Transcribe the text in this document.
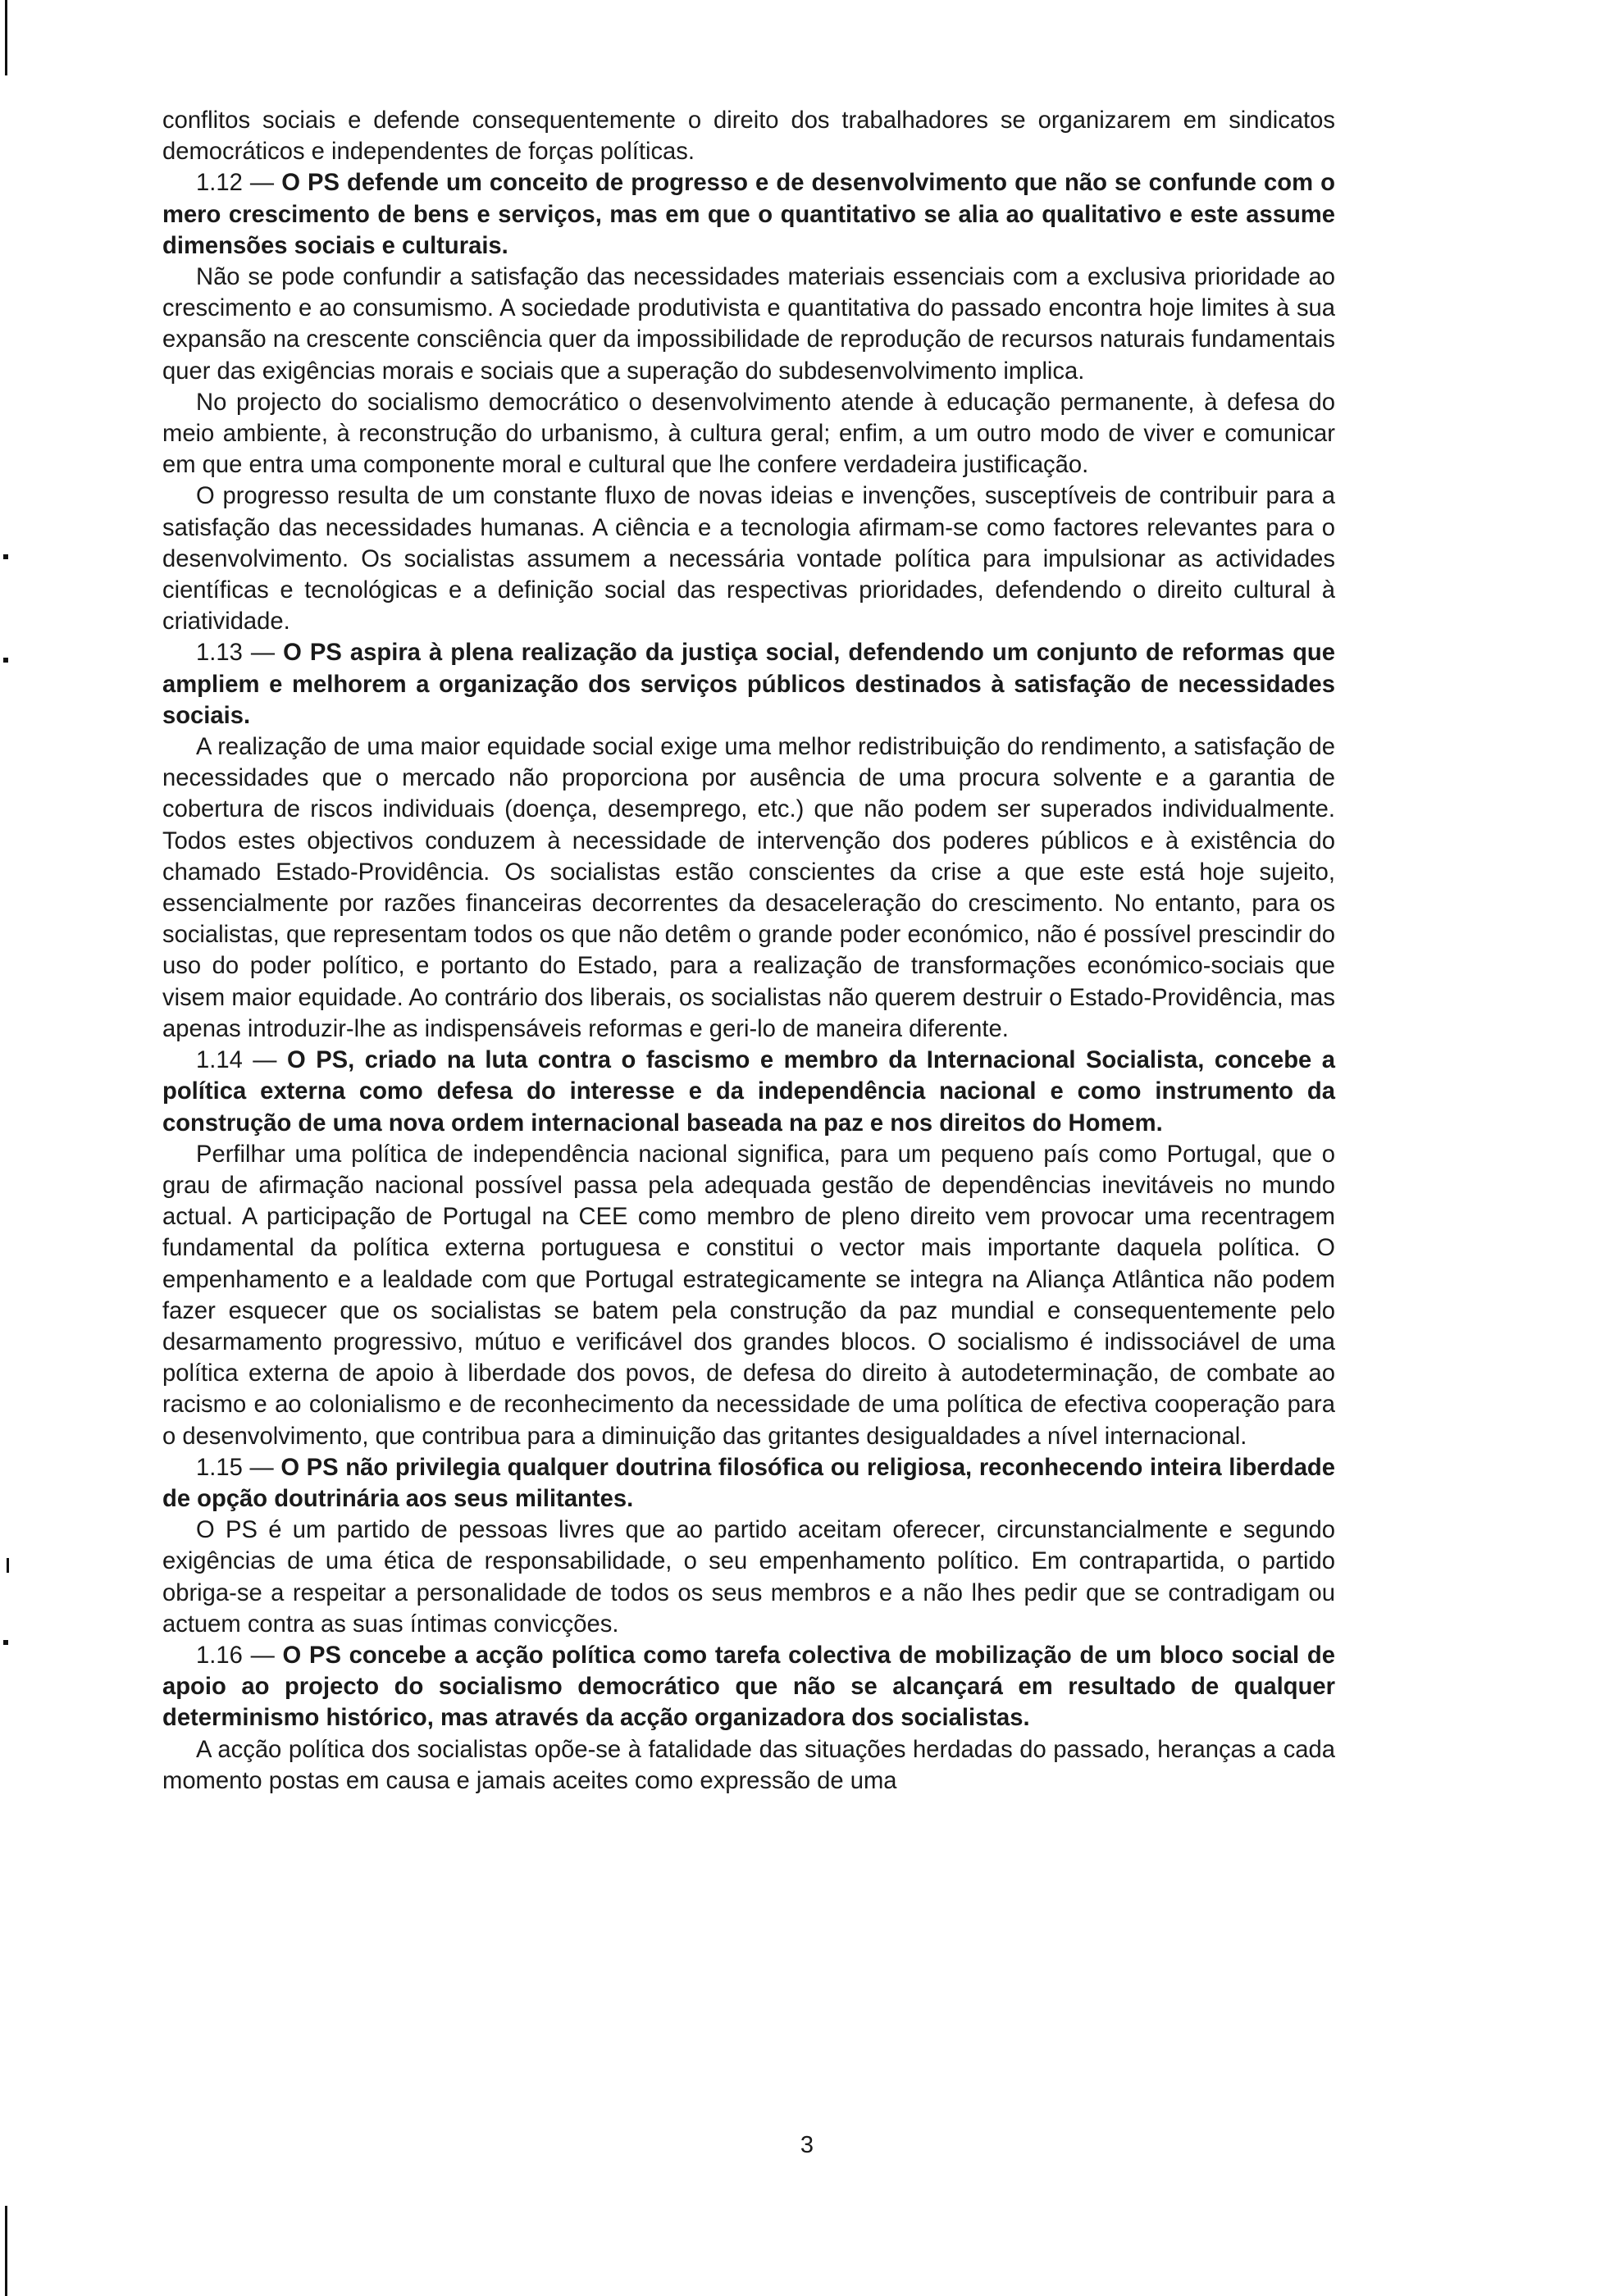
conflitos sociais e defende consequentemente o direito dos trabalhadores se organizarem em sindicatos democráticos e independentes de forças políticas.

1.12 — O PS defende um conceito de progresso e de desenvolvimento que não se confunde com o mero crescimento de bens e serviços, mas em que o quantitativo se alia ao qualitativo e este assume dimensões sociais e culturais.

Não se pode confundir a satisfação das necessidades materiais essenciais com a exclusiva prioridade ao crescimento e ao consumismo. A sociedade produtivista e quantitativa do passado encontra hoje limites à sua expansão na crescente consciência quer da impossibilidade de reprodução de recursos naturais fundamentais quer das exigências morais e sociais que a superação do subdesenvolvimento implica.

No projecto do socialismo democrático o desenvolvimento atende à educação permanente, à defesa do meio ambiente, à reconstrução do urbanismo, à cultura geral; enfim, a um outro modo de viver e comunicar em que entra uma componente moral e cultural que lhe confere verdadeira justificação.

O progresso resulta de um constante fluxo de novas ideias e invenções, susceptíveis de contribuir para a satisfação das necessidades humanas. A ciência e a tecnologia afirmam-se como factores relevantes para o desenvolvimento. Os socialistas assumem a necessária vontade política para impulsionar as actividades científicas e tecnológicas e a definição social das respectivas prioridades, defendendo o direito cultural à criatividade.

1.13 — O PS aspira à plena realização da justiça social, defendendo um conjunto de reformas que ampliem e melhorem a organização dos serviços públicos destinados à satisfação de necessidades sociais.

A realização de uma maior equidade social exige uma melhor redistribuição do rendimento, a satisfação de necessidades que o mercado não proporciona por ausência de uma procura solvente e a garantia de cobertura de riscos individuais (doença, desemprego, etc.) que não podem ser superados individualmente. Todos estes objectivos conduzem à necessidade de intervenção dos poderes públicos e à existência do chamado Estado-Providência. Os socialistas estão conscientes da crise a que este está hoje sujeito, essencialmente por razões financeiras decorrentes da desaceleração do crescimento. No entanto, para os socialistas, que representam todos os que não detêm o grande poder económico, não é possível prescindir do uso do poder político, e portanto do Estado, para a realização de transformações económico-sociais que visem maior equidade. Ao contrário dos liberais, os socialistas não querem destruir o Estado-Providência, mas apenas introduzir-lhe as indispensáveis reformas e geri-lo de maneira diferente.

1.14 — O PS, criado na luta contra o fascismo e membro da Internacional Socialista, concebe a política externa como defesa do interesse e da independência nacional e como instrumento da construção de uma nova ordem internacional baseada na paz e nos direitos do Homem.

Perfilhar uma política de independência nacional significa, para um pequeno país como Portugal, que o grau de afirmação nacional possível passa pela adequada gestão de dependências inevitáveis no mundo actual. A participação de Portugal na CEE como membro de pleno direito vem provocar uma recentragem fundamental da política externa portuguesa e constitui o vector mais importante daquela política. O empenhamento e a lealdade com que Portugal estrategicamente se integra na Aliança Atlântica não podem fazer esquecer que os socialistas se batem pela construção da paz mundial e consequentemente pelo desarmamento progressivo, mútuo e verificável dos grandes blocos. O socialismo é indissociável de uma política externa de apoio à liberdade dos povos, de defesa do direito à autodeterminação, de combate ao racismo e ao colonialismo e de reconhecimento da necessidade de uma política de efectiva cooperação para o desenvolvimento, que contribua para a diminuição das gritantes desigualdades a nível internacional.

1.15 — O PS não privilegia qualquer doutrina filosófica ou religiosa, reconhecendo inteira liberdade de opção doutrinária aos seus militantes.

O PS é um partido de pessoas livres que ao partido aceitam oferecer, circunstancialmente e segundo exigências de uma ética de responsabilidade, o seu empenhamento político. Em contrapartida, o partido obriga-se a respeitar a personalidade de todos os seus membros e a não lhes pedir que se contradigam ou actuem contra as suas íntimas convicções.

1.16 — O PS concebe a acção política como tarefa colectiva de mobilização de um bloco social de apoio ao projecto do socialismo democrático que não se alcançará em resultado de qualquer determinismo histórico, mas através da acção organizadora dos socialistas.

A acção política dos socialistas opõe-se à fatalidade das situações herdadas do passado, heranças a cada momento postas em causa e jamais aceites como expressão de uma

3
